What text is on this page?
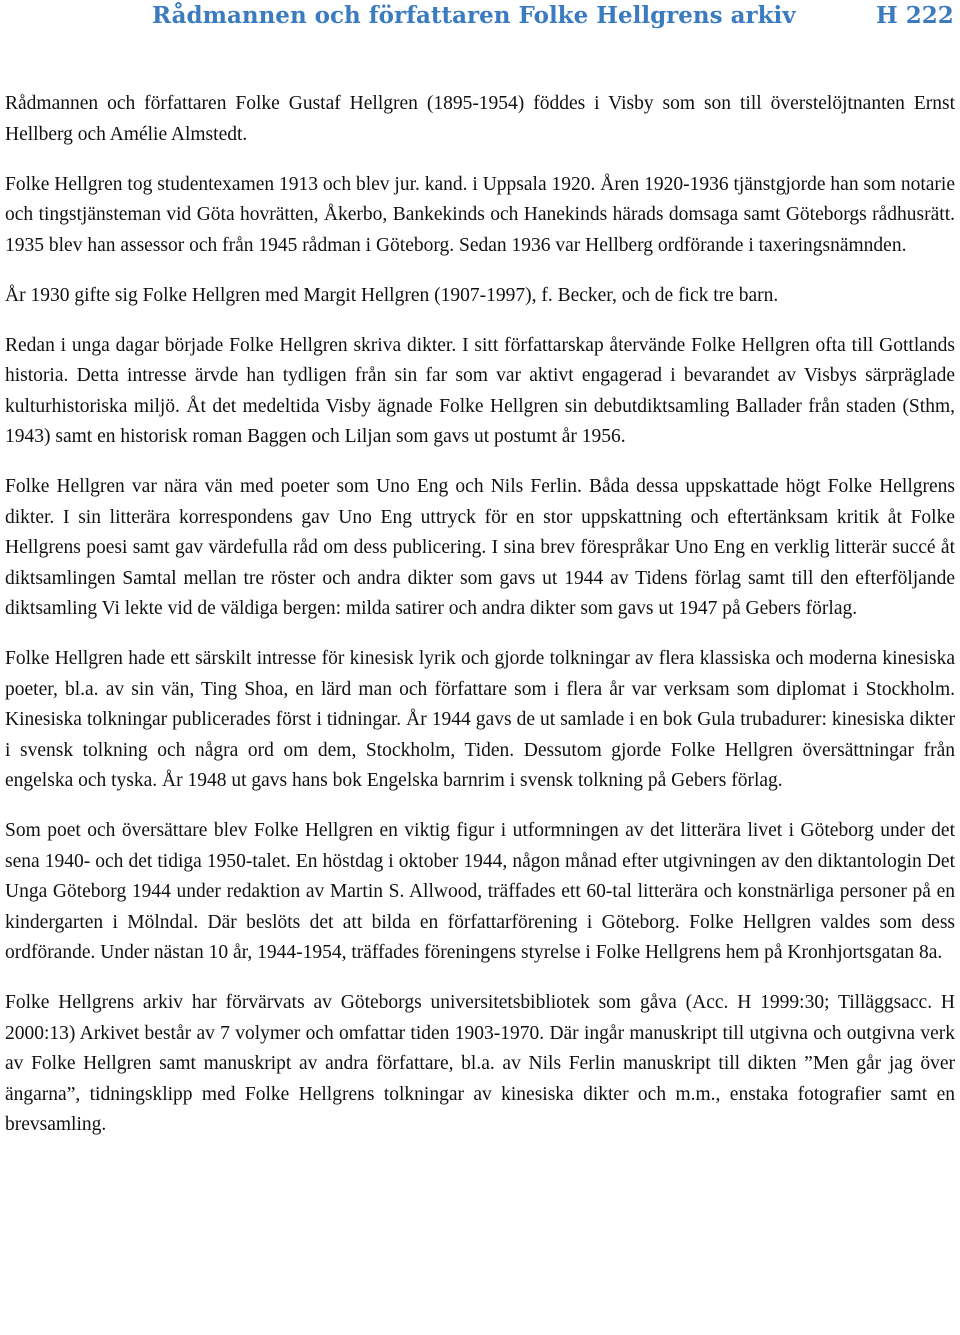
Rådmannen och författaren Folke Hellgrens arkiv	H 222

Rådmannen och författaren Folke Gustaf Hellgren (1895-1954) föddes i Visby som son till överstelöjtnanten Ernst Hellberg och Amélie Almstedt.

Folke Hellgren tog studentexamen 1913 och blev jur. kand. i Uppsala 1920. Åren 1920-1936 tjänstgjorde han som notarie och tingstjänsteman vid Göta hovrätten, Åkerbo, Bankekinds och Hanekinds härads domsaga samt Göteborgs rådhusrätt. 1935 blev han assessor och från 1945 rådman i Göteborg. Sedan 1936 var Hellberg ordförande i taxeringsnämnden.

År 1930 gifte sig Folke Hellgren med Margit Hellgren (1907-1997), f. Becker, och de fick tre barn.

Redan i unga dagar började Folke Hellgren skriva dikter. I sitt författarskap återvände Folke Hellgren ofta till Gottlands historia. Detta intresse ärvde han tydligen från sin far som var aktivt engagerad i bevarandet av Visbys särpräglade kulturhistoriska miljö. Åt det medeltida Visby ägnade Folke Hellgren sin debutdiktsamling Ballader från staden (Sthm, 1943) samt en historisk roman Baggen och Liljan som gavs ut postumt år 1956.

Folke Hellgren var nära vän med poeter som Uno Eng och Nils Ferlin. Båda dessa uppskattade högt Folke Hellgrens dikter. I sin litterära korrespondens gav Uno Eng uttryck för en stor uppskattning och eftertänksam kritik åt Folke Hellgrens poesi samt gav värdefulla råd om dess publicering. I sina brev förespråkar Uno Eng en verklig litterär succé åt diktsamlingen Samtal mellan tre röster och andra dikter som gavs ut 1944 av Tidens förlag samt till den efterföljande diktsamling Vi lekte vid de väldiga bergen: milda satirer och andra dikter som gavs ut 1947 på Gebers förlag.

Folke Hellgren hade ett särskilt intresse för kinesisk lyrik och gjorde tolkningar av flera klassiska och moderna kinesiska poeter, bl.a. av sin vän, Ting Shoa, en lärd man och författare som i flera år var verksam som diplomat i Stockholm. Kinesiska tolkningar publicerades först i tidningar. År 1944 gavs de ut samlade i en bok Gula trubadurer: kinesiska dikter i svensk tolkning och några ord om dem, Stockholm, Tiden. Dessutom gjorde Folke Hellgren översättningar från engelska och tyska. År 1948 ut gavs hans bok Engelska barnrim i svensk tolkning på Gebers förlag.

Som poet och översättare blev Folke Hellgren en viktig figur i utformningen av det litterära livet i Göteborg under det sena 1940- och det tidiga 1950-talet. En höstdag i oktober 1944, någon månad efter utgivningen av den diktantologin Det Unga Göteborg 1944 under redaktion av Martin S. Allwood, träffades ett 60-tal litterära och konstnärliga personer på en kindergarten i Mölndal. Där beslöts det att bilda en författarförening i Göteborg. Folke Hellgren valdes som dess ordförande. Under nästan 10 år, 1944-1954, träffades föreningens styrelse i Folke Hellgrens hem på Kronhjortsgatan 8a.

Folke Hellgrens arkiv har förvärvats av Göteborgs universitetsbibliotek som gåva (Acc. H 1999:30; Tilläggsacc. H 2000:13) Arkivet består av 7 volymer och omfattar tiden 1903-1970. Där ingår manuskript till utgivna och outgivna verk av Folke Hellgren samt manuskript av andra författare, bl.a. av Nils Ferlin manuskript till dikten ”Men går jag över ängarna”, tidningsklipp med Folke Hellgrens tolkningar av kinesiska dikter och m.m., enstaka fotografier samt en brevsamling.
